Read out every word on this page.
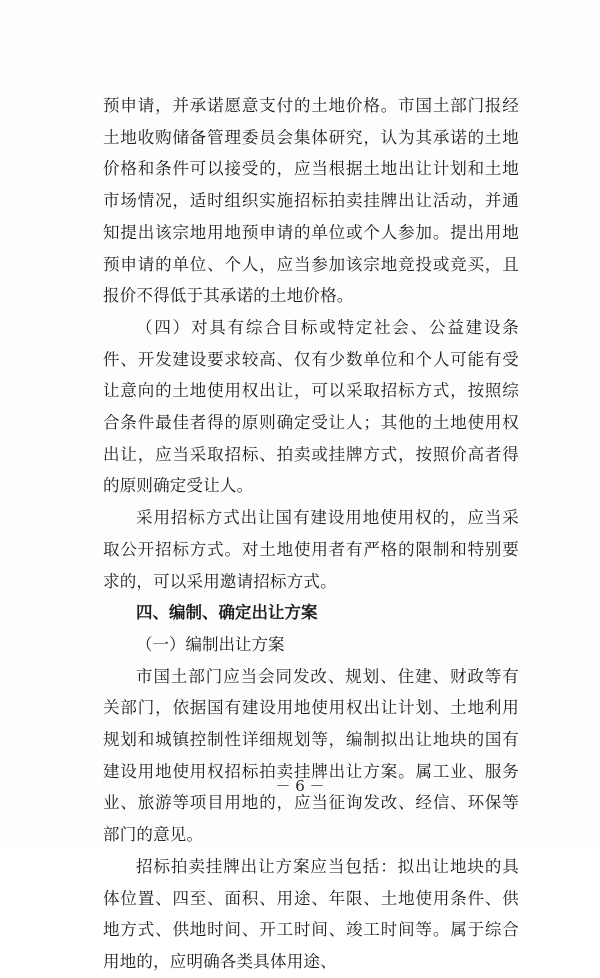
预申请，并承诺愿意支付的土地价格。市国土部门报经土地收购储备管理委员会集体研究，认为其承诺的土地价格和条件可以接受的，应当根据土地出让计划和土地市场情况，适时组织实施招标拍卖挂牌出让活动，并通知提出该宗地用地预申请的单位或个人参加。提出用地预申请的单位、个人，应当参加该宗地竞投或竞买，且报价不得低于其承诺的土地价格。

（四）对具有综合目标或特定社会、公益建设条件、开发建设要求较高、仅有少数单位和个人可能有受让意向的土地使用权出让，可以采取招标方式，按照综合条件最佳者得的原则确定受让人；其他的土地使用权出让，应当采取招标、拍卖或挂牌方式，按照价高者得的原则确定受让人。

采用招标方式出让国有建设用地使用权的，应当采取公开招标方式。对土地使用者有严格的限制和特别要求的，可以采用邀请招标方式。

四、编制、确定出让方案

（一）编制出让方案

市国土部门应当会同发改、规划、住建、财政等有关部门，依据国有建设用地使用权出让计划、土地利用规划和城镇控制性详细规划等，编制拟出让地块的国有建设用地使用权招标拍卖挂牌出让方案。属工业、服务业、旅游等项目用地的，应当征询发改、经信、环保等部门的意见。

招标拍卖挂牌出让方案应当包括：拟出让地块的具体位置、四至、面积、用途、年限、土地使用条件、供地方式、供地时间、开工时间、竣工时间等。属于综合用地的，应明确各类具体用途、

－ 6 －
